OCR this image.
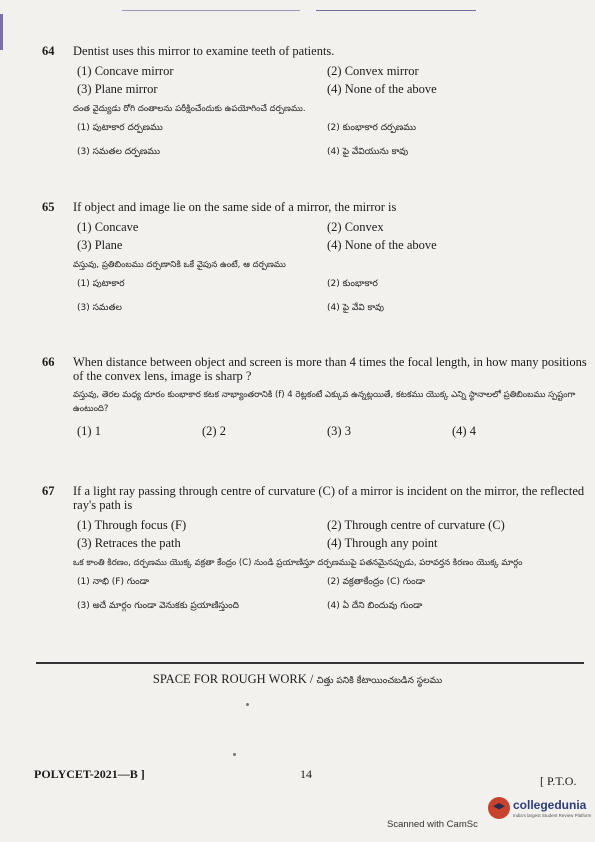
64 Dentist uses this mirror to examine teeth of patients.
(1) Concave mirror	(2) Convex mirror
(3) Plane mirror	(4) None of the above
దంత వైద్యుడు రోగి దంతాలను పరీక్షించేందుకు ఉపయోగించే దర్పణము.
(1) పుటాకార దర్పణము	(2) కుంభాకార దర్పణము
(3) సమతల దర్పణము	(4) పై వేవియును కావు
65 If object and image lie on the same side of a mirror, the mirror is
(1) Concave	(2) Convex
(3) Plane	(4) None of the above
వస్తువు, ప్రతిబింబము దర్పణానికి ఒకే వైపున ఉంటే, ఆ దర్పణము
(1) పుటాకార	(2) కుంభాకార
(3) సమతల	(4) పై వేవి కావు
66 When distance between object and screen is more than 4 times the focal length, in how many positions of the convex lens, image is sharp ?
వస్తువు, తెరల మధ్య దూరం కుంభాకార కటక నాభ్యాంతరానికి (f) 4 రెట్లకంటే ఎక్కువ ఉన్నట్లయితే, కటకము యొక్క ఎన్ని స్థానాలలో ప్రతిబింబము స్పష్టంగా ఉంటుంది?
(1) 1	(2) 2	(3) 3	(4) 4
67 If a light ray passing through centre of curvature (C) of a mirror is incident on the mirror, the reflected ray's path is
(1) Through focus (F)	(2) Through centre of curvature (C)
(3) Retraces the path	(4) Through any point
ఒక కాంతి కిరణం, దర్పణము యొక్క వక్రతా కేంద్రం (C) నుండి ప్రయాణిస్తూ దర్పణముపై పతనమైనప్పుడు, పరావర్తన కిరణం యొక్క మార్గం
(1) నాభి (F) గుండా	(2) వక్రతాకేంద్రం (C) గుండా
(3) అదే మార్గం గుండా వెనుకకు ప్రయాణిస్తుంది	(4) ఏ దేని బిందువు గుండా
SPACE FOR ROUGH WORK / చిత్తు పనికి కేటాయించబడిన స్థలము
POLYCET-2021—B ]	14	[ P.T.O.
collegedunia
India's largest Student Review Platform
Scanned with CamSc
